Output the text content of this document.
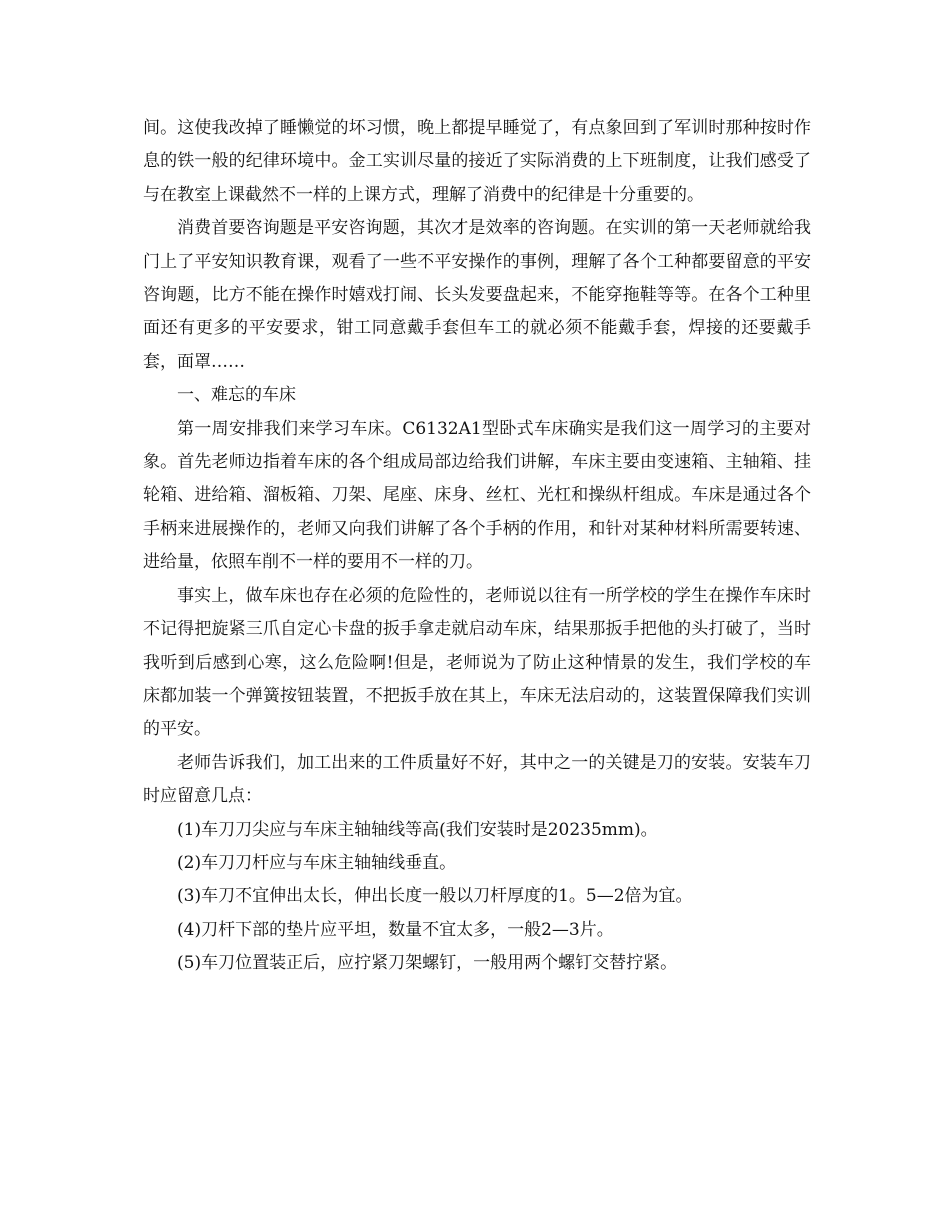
间。这使我改掉了睡懒觉的坏习惯，晚上都提早睡觉了，有点象回到了军训时那种按时作息的铁一般的纪律环境中。金工实训尽量的接近了实际消费的上下班制度，让我们感受了与在教室上课截然不一样的上课方式，理解了消费中的纪律是十分重要的。

消费首要咨询题是平安咨询题，其次才是效率的咨询题。在实训的第一天老师就给我门上了平安知识教育课，观看了一些不平安操作的事例，理解了各个工种都要留意的平安咨询题，比方不能在操作时嬉戏打闹、长头发要盘起来，不能穿拖鞋等等。在各个工种里面还有更多的平安要求，钳工同意戴手套但车工的就必须不能戴手套，焊接的还要戴手套，面罩……

一、难忘的车床

第一周安排我们来学习车床。C6132A1型卧式车床确实是我们这一周学习的主要对象。首先老师边指着车床的各个组成局部边给我们讲解，车床主要由变速箱、主轴箱、挂轮箱、进给箱、溜板箱、刀架、尾座、床身、丝杠、光杠和操纵杆组成。车床是通过各个手柄来进展操作的，老师又向我们讲解了各个手柄的作用，和针对某种材料所需要转速、进给量，依照车削不一样的要用不一样的刀。

事实上，做车床也存在必须的危险性的，老师说以往有一所学校的学生在操作车床时不记得把旋紧三爪自定心卡盘的扳手拿走就启动车床，结果那扳手把他的头打破了，当时我听到后感到心寒，这么危险啊!但是，老师说为了防止这种情景的发生，我们学校的车床都加装一个弹簧按钮装置，不把扳手放在其上，车床无法启动的，这装置保障我们实训的平安。

老师告诉我们，加工出来的工件质量好不好，其中之一的关键是刀的安装。安装车刀时应留意几点：

(1)车刀刀尖应与车床主轴轴线等高(我们安装时是20235mm)。

(2)车刀刀杆应与车床主轴轴线垂直。

(3)车刀不宜伸出太长，伸出长度一般以刀杆厚度的1。5—2倍为宜。

(4)刀杆下部的垫片应平坦，数量不宜太多，一般2—3片。

(5)车刀位置装正后，应拧紧刀架螺钉，一般用两个螺钉交替拧紧。
